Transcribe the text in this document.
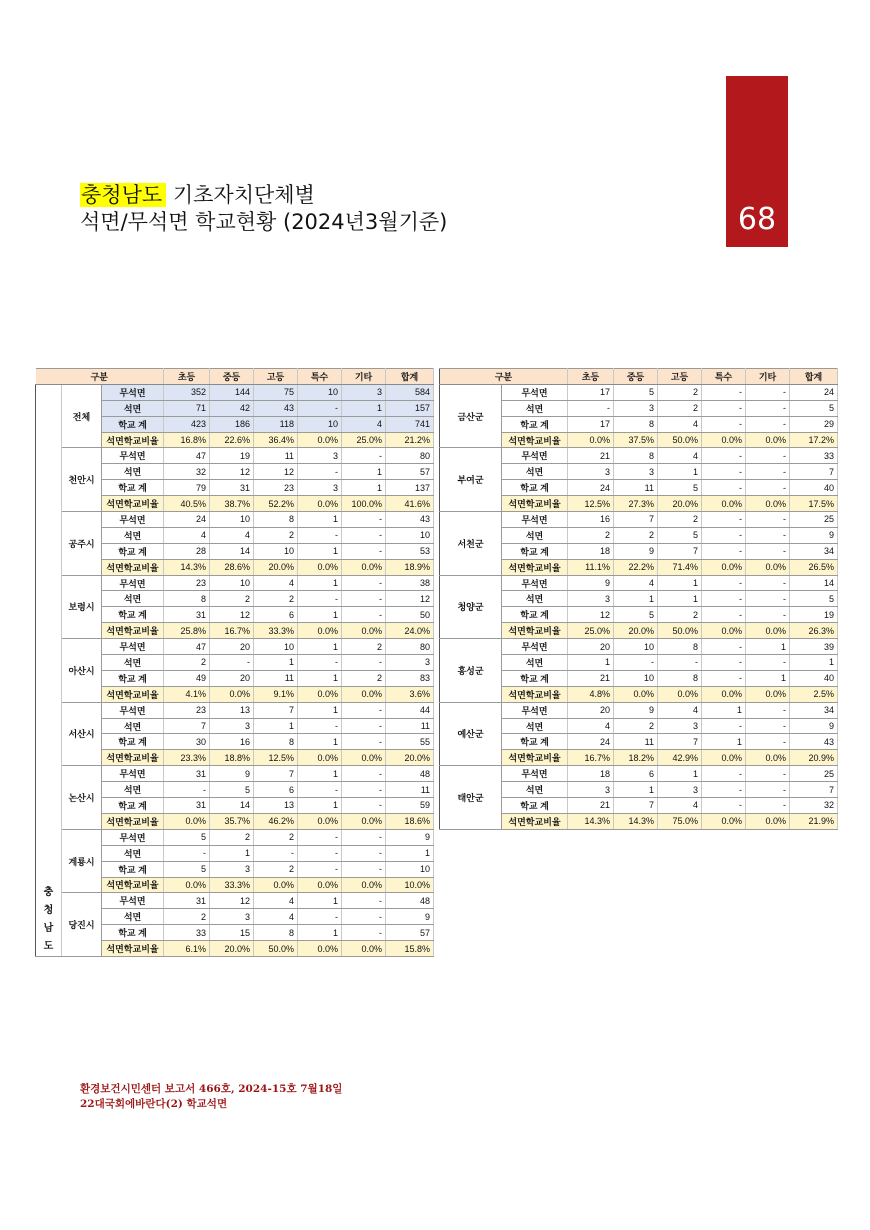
68
충청남도 기초자치단체별
석면/무석면 학교현황 (2024년3월기준)
구분			초등	중등	고등	특수	기타	합계

충
청
남
도	전체	무석면	352	144	75	10	3	584
		석면	71	42	43	-	1	157
		학교 계	423	186	118	10	4	741
		석면학교비율	16.8%	22.6%	36.4%	0.0%	25.0%	21.2%
	천안시	무석면	47	19	11	3	-	80
		석면	32	12	12	-	1	57
		학교 계	79	31	23	3	1	137
		석면학교비율	40.5%	38.7%	52.2%	0.0%	100.0%	41.6%
	공주시	무석면	24	10	8	1	-	43
		석면	4	4	2	-	-	10
		학교 계	28	14	10	1	-	53
		석면학교비율	14.3%	28.6%	20.0%	0.0%	0.0%	18.9%
	보령시	무석면	23	10	4	1	-	38
		석면	8	2	2	-	-	12
		학교 계	31	12	6	1	-	50
		석면학교비율	25.8%	16.7%	33.3%	0.0%	0.0%	24.0%
	아산시	무석면	47	20	10	1	2	80
		석면	2	-	1	-	-	3
		학교 계	49	20	11	1	2	83
		석면학교비율	4.1%	0.0%	9.1%	0.0%	0.0%	3.6%
	서산시	무석면	23	13	7	1	-	44
		석면	7	3	1	-	-	11
		학교 계	30	16	8	1	-	55
		석면학교비율	23.3%	18.8%	12.5%	0.0%	0.0%	20.0%
	논산시	무석면	31	9	7	1	-	48
		석면	-	5	6	-	-	11
		학교 계	31	14	13	1	-	59
		석면학교비율	0.0%	35.7%	46.2%	0.0%	0.0%	18.6%
	계룡시	무석면	5	2	2	-	-	9
		석면	-	1	-	-	-	1
		학교 계	5	3	2	-	-	10
		석면학교비율	0.0%	33.3%	0.0%	0.0%	0.0%	10.0%
	당진시	무석면	31	12	4	1	-	48
		석면	2	3	4	-	-	9
		학교 계	33	15	8	1	-	57
		석면학교비율	6.1%	20.0%	50.0%	0.0%	0.0%	15.8%
구분		초등	중등	고등	특수	기타	합계
금산군	무석면	17	5	2	-	-	24
	석면	-	3	2	-	-	5
	학교 계	17	8	4	-	-	29
	석면학교비율	0.0%	37.5%	50.0%	0.0%	0.0%	17.2%
부여군	무석면	21	8	4	-	-	33
	석면	3	3	1	-	-	7
	학교 계	24	11	5	-	-	40
	석면학교비율	12.5%	27.3%	20.0%	0.0%	0.0%	17.5%
서천군	무석면	16	7	2	-	-	25
	석면	2	2	5	-	-	9
	학교 계	18	9	7	-	-	34
	석면학교비율	11.1%	22.2%	71.4%	0.0%	0.0%	26.5%
청양군	무석면	9	4	1	-	-	14
	석면	3	1	1	-	-	5
	학교 계	12	5	2	-	-	19
	석면학교비율	25.0%	20.0%	50.0%	0.0%	0.0%	26.3%
홍성군	무석면	20	10	8	-	1	39
	석면	1	-	-	-	-	1
	학교 계	21	10	8	-	1	40
	석면학교비율	4.8%	0.0%	0.0%	0.0%	0.0%	2.5%
예산군	무석면	20	9	4	1	-	34
	석면	4	2	3	-	-	9
	학교 계	24	11	7	1	-	43
	석면학교비율	16.7%	18.2%	42.9%	0.0%	0.0%	20.9%
태안군	무석면	18	6	1	-	-	25
	석면	3	1	3	-	-	7
	학교 계	21	7	4	-	-	32
	석면학교비율	14.3%	14.3%	75.0%	0.0%	0.0%	21.9%
환경보건시민센터 보고서 466호, 2024-15호 7월18일
22대국회에바란다(2) 학교석면
